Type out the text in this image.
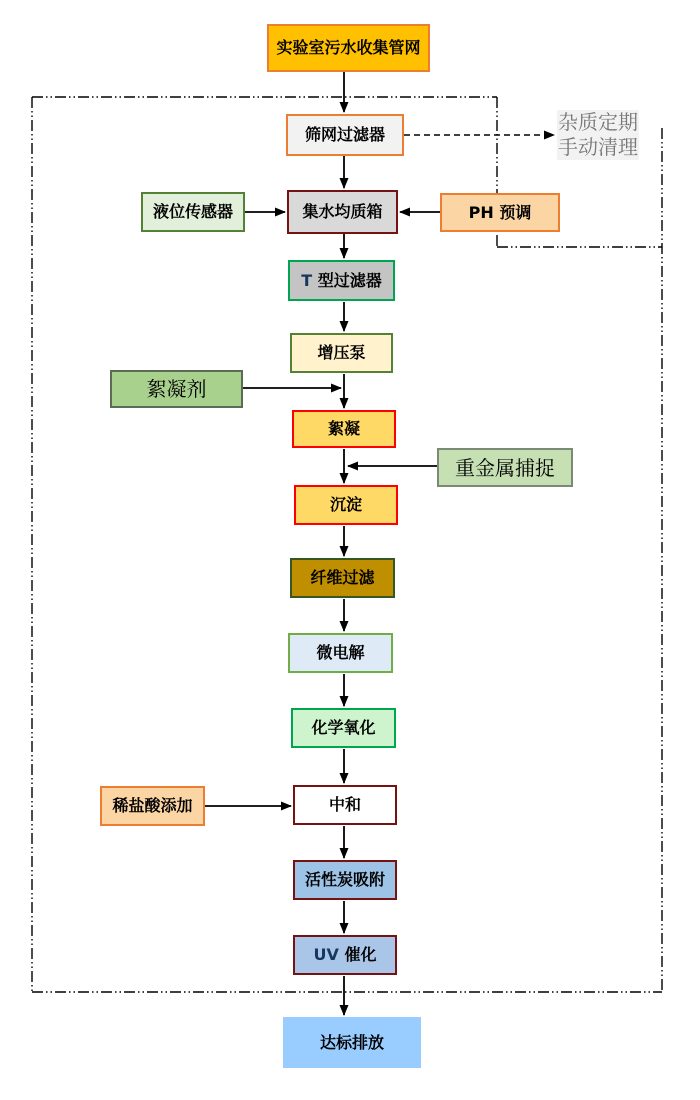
实验室污水收集管网
筛网过滤器
杂质定期
手动清理
液位传感器	集水均质箱	PH 预调
T 型过滤器
增压泵
絮凝剂
絮凝
重金属捕捉
沉淀
纤维过滤
微电解
化学氧化
稀盐酸添加	中和
活性炭吸附
UV 催化
达标排放
